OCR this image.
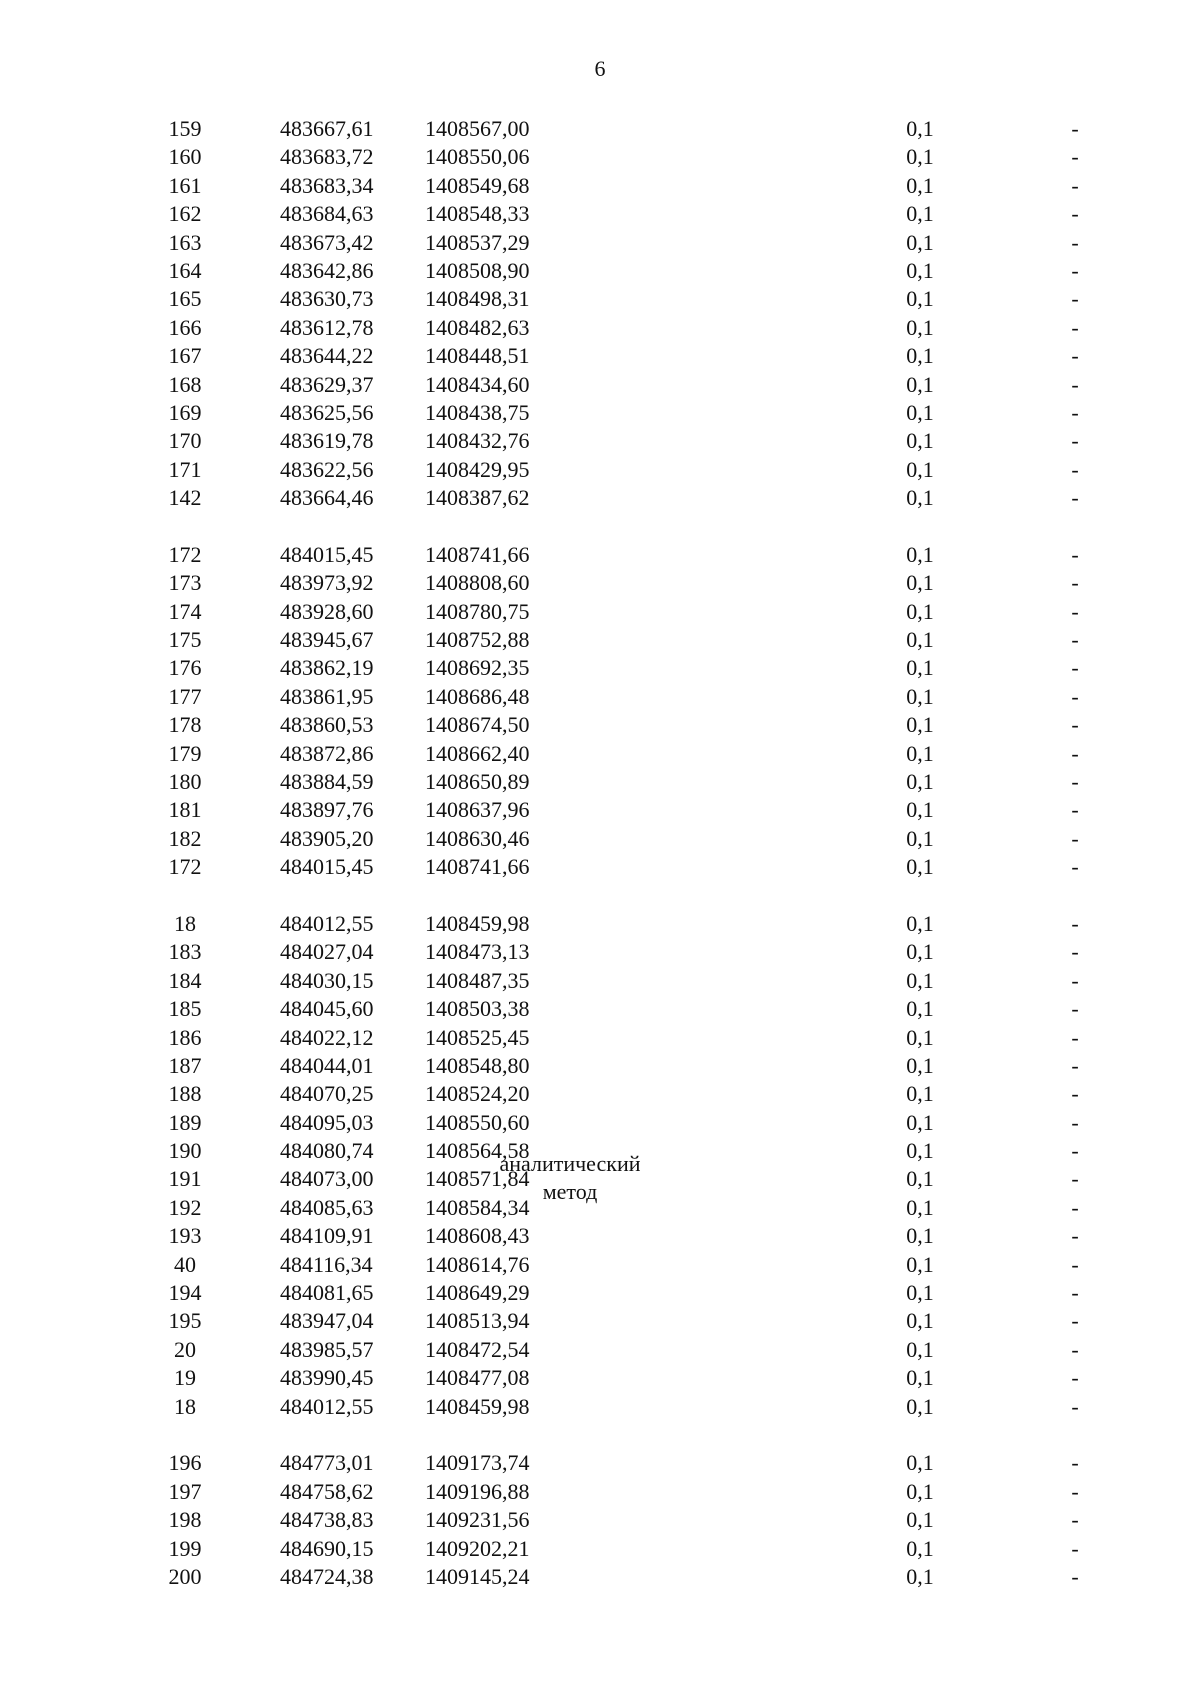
6
159	483667,61 1408567,00	0,1	-
160	483683,72 1408550,06	0,1	-
161	483683,34 1408549,68	0,1	-
162	483684,63 1408548,33	0,1	-
163	483673,42 1408537,29	0,1	-
164	483642,86 1408508,90	0,1	-
165	483630,73 1408498,31	0,1	-
166	483612,78 1408482,63	0,1	-
167	483644,22 1408448,51	0,1	-
168	483629,37 1408434,60	0,1	-
169	483625,56 1408438,75	0,1	-
170	483619,78 1408432,76	0,1	-
171	483622,56 1408429,95	0,1	-
142	483664,46 1408387,62	0,1	-
172	484015,45 1408741,66	0,1	-
173	483973,92 1408808,60	0,1	-
174	483928,60 1408780,75	0,1	-
175	483945,67 1408752,88	0,1	-
176	483862,19 1408692,35	0,1	-
177	483861,95 1408686,48	0,1	-
178	483860,53 1408674,50	0,1	-
179	483872,86 1408662,40	0,1	-
180	483884,59 1408650,89	0,1	-
181	483897,76 1408637,96	0,1	-
182	483905,20 1408630,46	0,1	-
172	484015,45 1408741,66	0,1	-
18	484012,55 1408459,98	0,1	-
183	484027,04 1408473,13	0,1	-
184	484030,15 1408487,35	0,1	-
185	484045,60 1408503,38	0,1	-
186	484022,12 1408525,45	0,1	-
187	484044,01 1408548,80	0,1	-
188	484070,25 1408524,20	0,1	-
189	484095,03 1408550,60	0,1	-
190	484080,74 1408564,58	0,1	-
191	484073,00 1408571,84	0,1	-
192	484085,63 1408584,34	0,1	-
193	484109,91 1408608,43	0,1	-
40	484116,34 1408614,76	0,1	-
194	484081,65 1408649,29	0,1	-
195	483947,04 1408513,94	0,1	-
20	483985,57 1408472,54	0,1	-
19	483990,45 1408477,08	0,1	-
18	484012,55 1408459,98	0,1	-
196	484773,01 1409173,74	0,1	-
197	484758,62 1409196,88	0,1	-
198	484738,83 1409231,56	0,1	-
199	484690,15 1409202,21	0,1	-
200	484724,38 1409145,24	0,1	-
аналитический
метод
